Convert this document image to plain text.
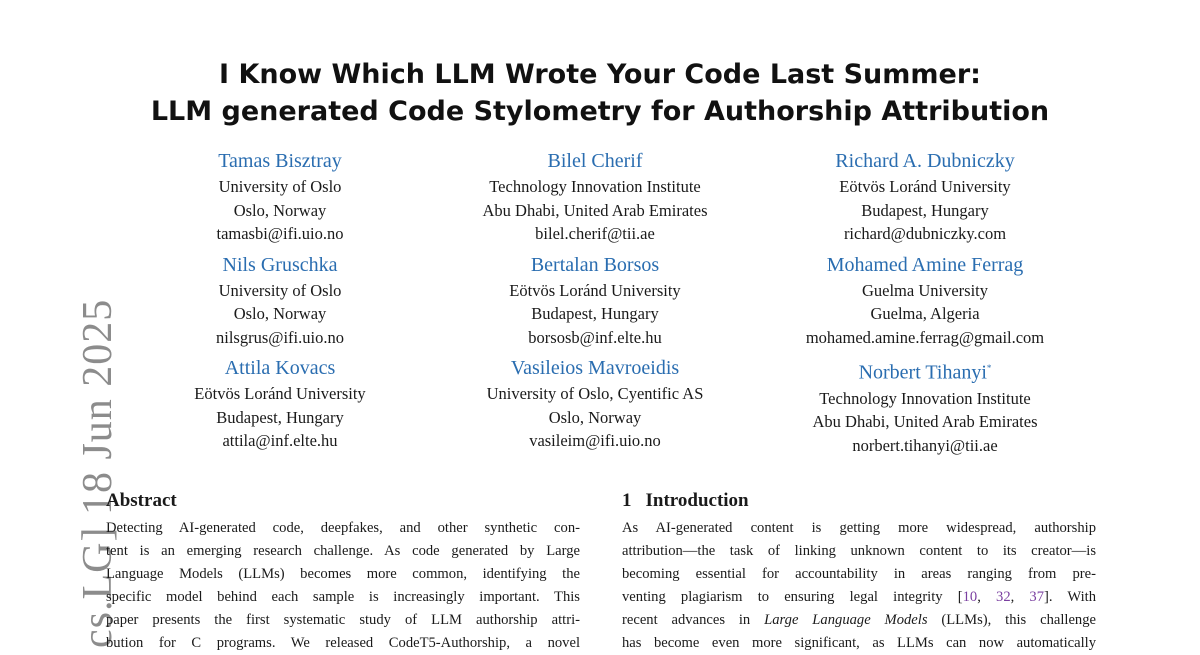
cs.LG] 18 Jun 2025
I Know Which LLM Wrote Your Code Last Summer:
LLM generated Code Stylometry for Authorship Attribution
Tamas Bisztray
University of Oslo
Oslo, Norway
tamasbi@ifi.uio.no
Bilel Cherif
Technology Innovation Institute
Abu Dhabi, United Arab Emirates
bilel.cherif@tii.ae
Richard A. Dubniczky
Eötvös Loránd University
Budapest, Hungary
richard@dubniczky.com
Nils Gruschka
University of Oslo
Oslo, Norway
nilsgrus@ifi.uio.no
Bertalan Borsos
Eötvös Loránd University
Budapest, Hungary
borsosb@inf.elte.hu
Mohamed Amine Ferrag
Guelma University
Guelma, Algeria
mohamed.amine.ferrag@gmail.com
Attila Kovacs
Eötvös Loránd University
Budapest, Hungary
attila@inf.elte.hu
Vasileios Mavroeidis
University of Oslo, Cyentific AS
Oslo, Norway
vasileim@ifi.uio.no
Norbert Tihanyi*
Technology Innovation Institute
Abu Dhabi, United Arab Emirates
norbert.tihanyi@tii.ae
Abstract
Detecting AI-generated code, deepfakes, and other synthetic con-
tent is an emerging research challenge. As code generated by Large
Language Models (LLMs) becomes more common, identifying the
specific model behind each sample is increasingly important. This
paper presents the first systematic study of LLM authorship attri-
bution for C programs. We released CodeT5-Authorship, a novel
1 Introduction
As AI-generated content is getting more widespread, authorship
attribution—the task of linking unknown content to its creator—is
becoming essential for accountability in areas ranging from pre-
venting plagiarism to ensuring legal integrity [10, 32, 37]. With
recent advances in Large Language Models (LLMs), this challenge
has become even more significant, as LLMs can now automatically
